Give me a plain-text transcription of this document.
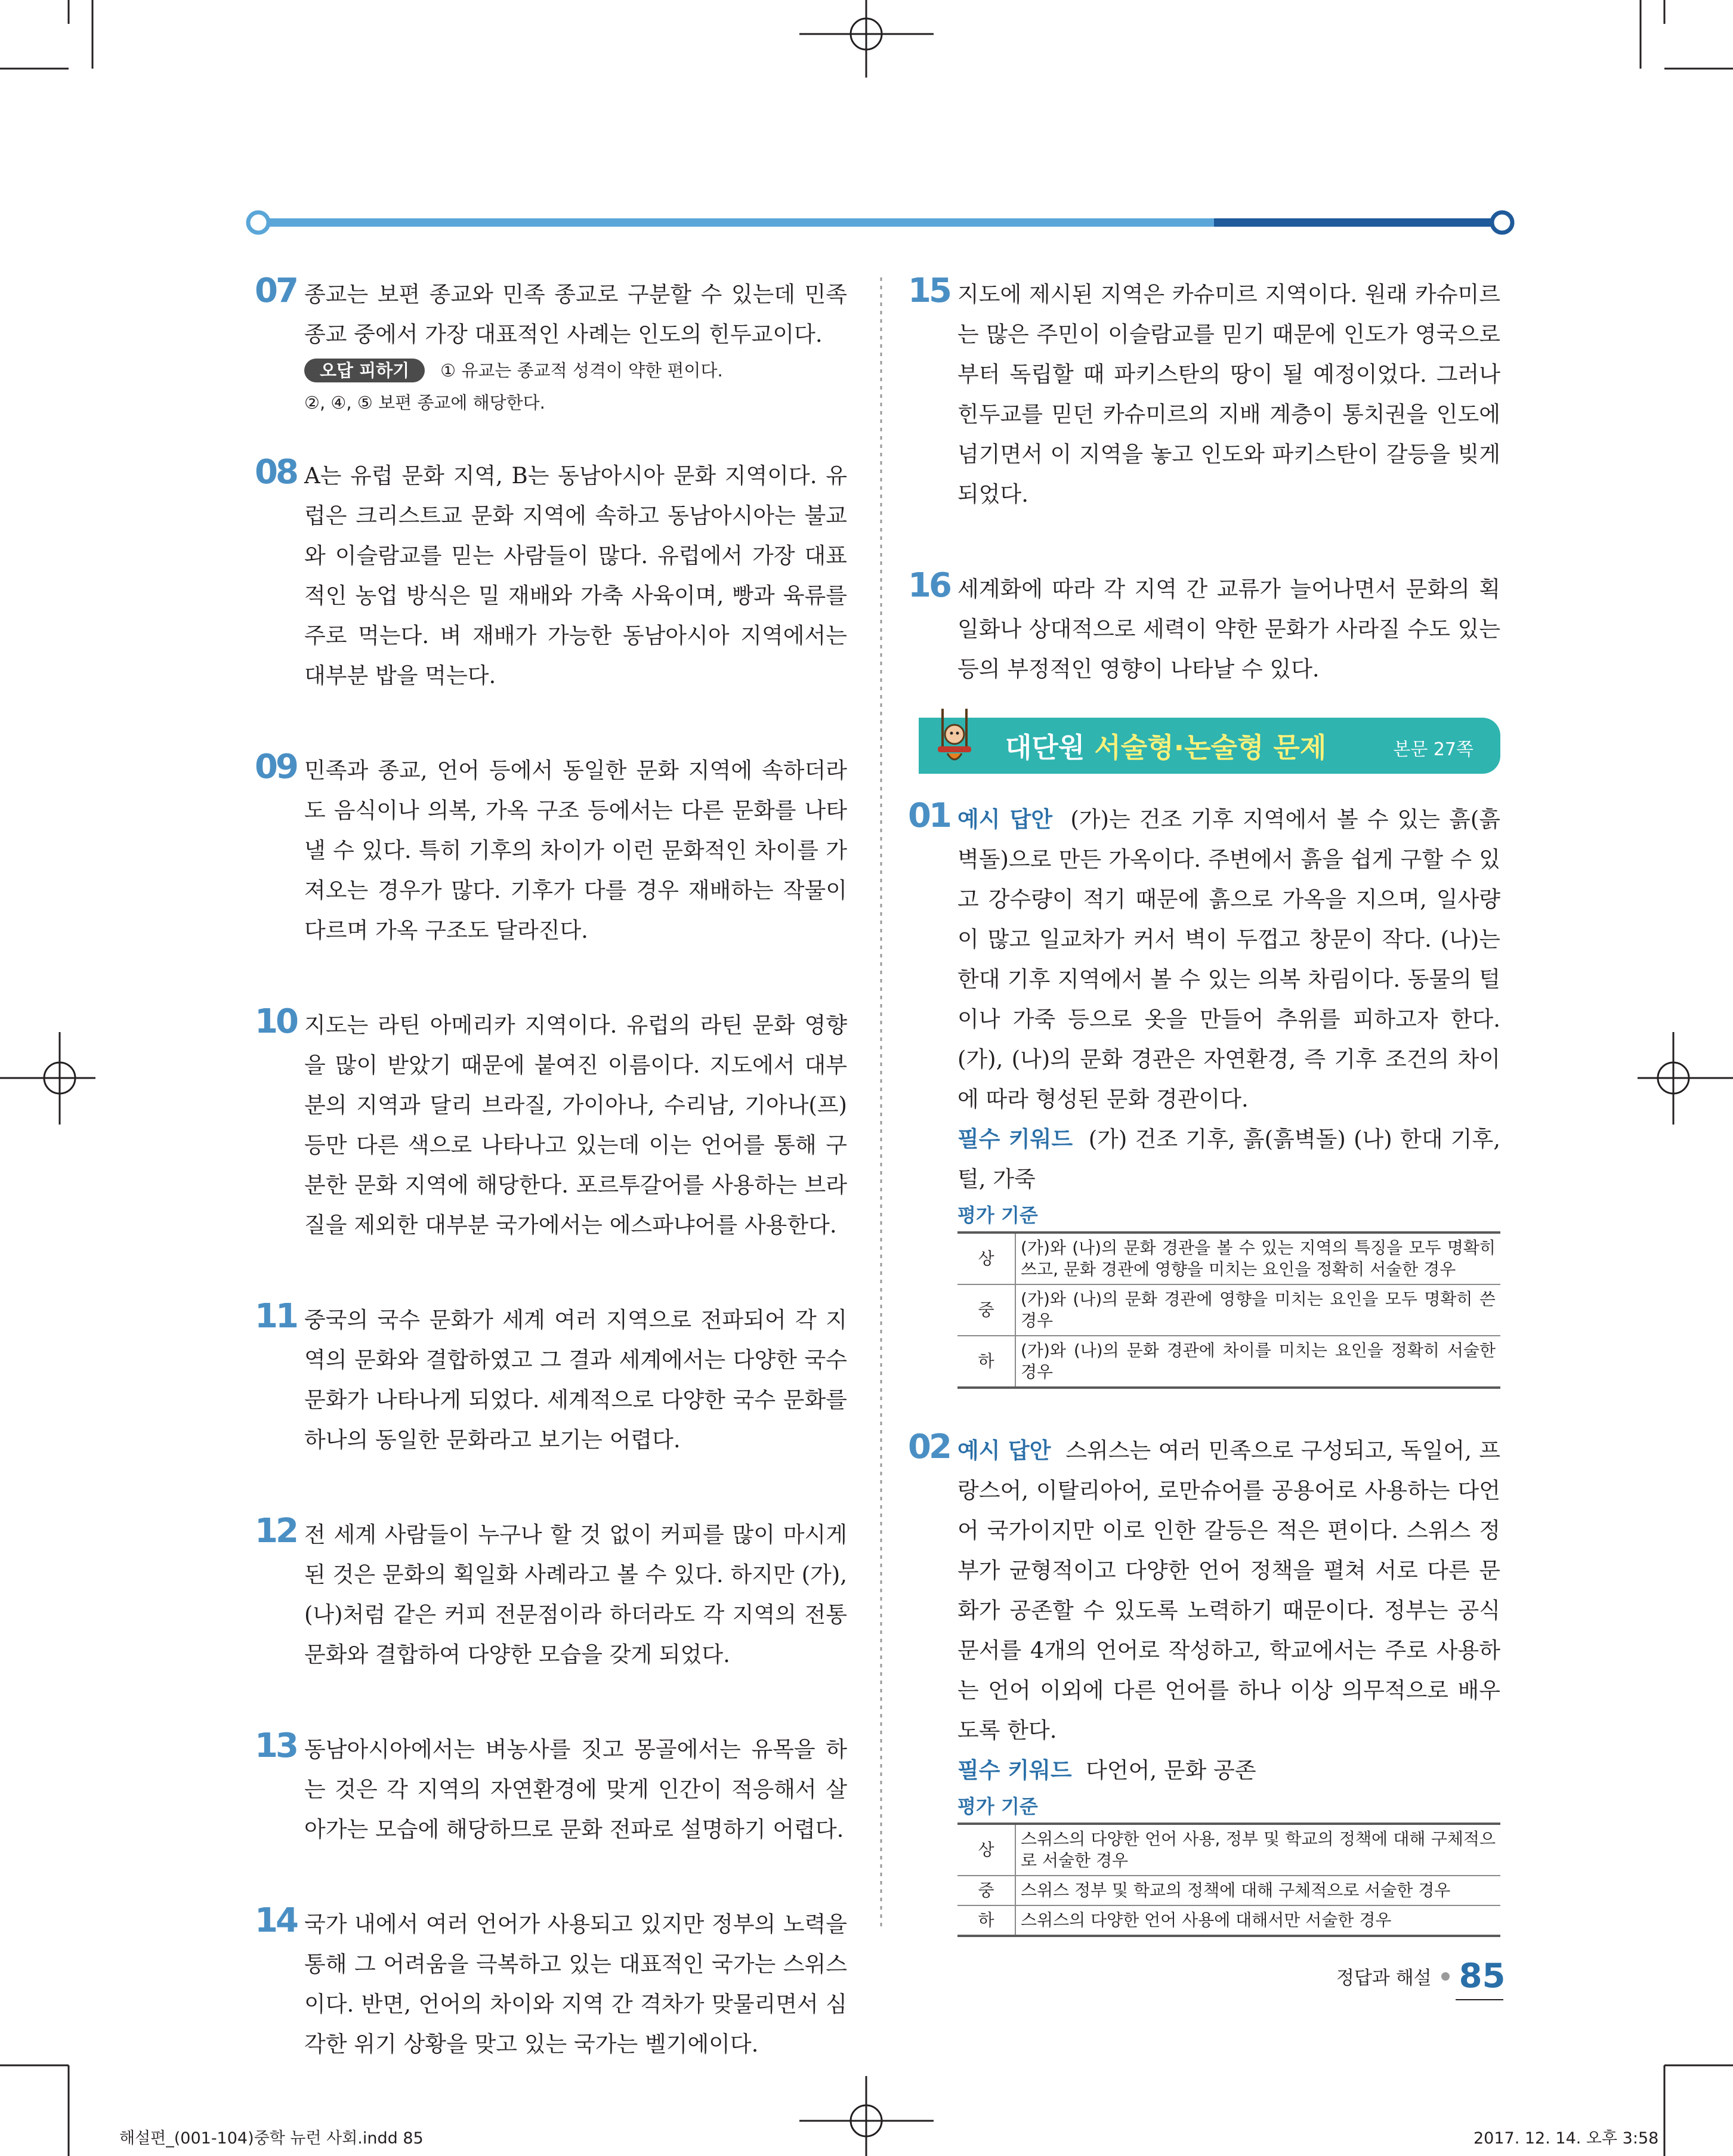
07 종교는 보편 종교와 민족 종교로 구분할 수 있는데 민족 종교 중에서 가장 대표적인 사례는 인도의 힌두교이다.
오답 피하기 ① 유교는 종교적 성격이 약한 편이다.
②, ④, ⑤ 보편 종교에 해당한다.
08 A는 유럽 문화 지역, B는 동남아시아 문화 지역이다. 유럽은 크리스트교 문화 지역에 속하고 동남아시아는 불교와 이슬람교를 믿는 사람들이 많다. 유럽에서 가장 대표적인 농업 방식은 밀 재배와 가축 사육이며, 빵과 육류를 주로 먹는다. 벼 재배가 가능한 동남아시아 지역에서는 대부분 밥을 먹는다.
09 민족과 종교, 언어 등에서 동일한 문화 지역에 속하더라도 음식이나 의복, 가옥 구조 등에서는 다른 문화를 나타낼 수 있다. 특히 기후의 차이가 이런 문화적인 차이를 가져오는 경우가 많다. 기후가 다를 경우 재배하는 작물이 다르며 가옥 구조도 달라진다.
10 지도는 라틴 아메리카 지역이다. 유럽의 라틴 문화 영향을 많이 받았기 때문에 붙여진 이름이다. 지도에서 대부분의 지역과 달리 브라질, 가이아나, 수리남, 기아나(프) 등만 다른 색으로 나타나고 있는데 이는 언어를 통해 구분한 문화 지역에 해당한다. 포르투갈어를 사용하는 브라질을 제외한 대부분 국가에서는 에스파냐어를 사용한다.
11 중국의 국수 문화가 세계 여러 지역으로 전파되어 각 지역의 문화와 결합하였고 그 결과 세계에서는 다양한 국수 문화가 나타나게 되었다. 세계적으로 다양한 국수 문화를 하나의 동일한 문화라고 보기는 어렵다.
12 전 세계 사람들이 누구나 할 것 없이 커피를 많이 마시게 된 것은 문화의 획일화 사례라고 볼 수 있다. 하지만 (가), (나)처럼 같은 커피 전문점이라 하더라도 각 지역의 전통문화와 결합하여 다양한 모습을 갖게 되었다.
13 동남아시아에서는 벼농사를 짓고 몽골에서는 유목을 하는 것은 각 지역의 자연환경에 맞게 인간이 적응해서 살아가는 모습에 해당하므로 문화 전파로 설명하기 어렵다.
14 국가 내에서 여러 언어가 사용되고 있지만 정부의 노력을 통해 그 어려움을 극복하고 있는 대표적인 국가는 스위스이다. 반면, 언어의 차이와 지역 간 격차가 맞물리면서 심각한 위기 상황을 맞고 있는 국가는 벨기에이다.
15 지도에 제시된 지역은 카슈미르 지역이다. 원래 카슈미르는 많은 주민이 이슬람교를 믿기 때문에 인도가 영국으로부터 독립할 때 파키스탄의 땅이 될 예정이었다. 그러나 힌두교를 믿던 카슈미르의 지배 계층이 통치권을 인도에 넘기면서 이 지역을 놓고 인도와 파키스탄이 갈등을 빚게 되었다.
16 세계화에 따라 각 지역 간 교류가 늘어나면서 문화의 획일화나 상대적으로 세력이 약한 문화가 사라질 수도 있는 등의 부정적인 영향이 나타날 수 있다.
대단원 서술형·논술형 문제	본문 27쪽
01 예시 답안 (가)는 건조 기후 지역에서 볼 수 있는 흙(흙벽돌)으로 만든 가옥이다. 주변에서 흙을 쉽게 구할 수 있고 강수량이 적기 때문에 흙으로 가옥을 지으며, 일사량이 많고 일교차가 커서 벽이 두껍고 창문이 작다. (나)는 한대 기후 지역에서 볼 수 있는 의복 차림이다. 동물의 털이나 가죽 등으로 옷을 만들어 추위를 피하고자 한다. (가), (나)의 문화 경관은 자연환경, 즉 기후 조건의 차이에 따라 형성된 문화 경관이다.
필수 키워드 (가) 건조 기후, 흙(흙벽돌) (나) 한대 기후, 털, 가죽
평가 기준
상	(가)와 (나)의 문화 경관을 볼 수 있는 지역의 특징을 모두 명확히 쓰고, 문화 경관에 영향을 미치는 요인을 정확히 서술한 경우
중	(가)와 (나)의 문화 경관에 영향을 미치는 요인을 모두 명확히 쓴 경우
하	(가)와 (나)의 문화 경관에 차이를 미치는 요인을 정확히 서술한 경우
02 예시 답안 스위스는 여러 민족으로 구성되고, 독일어, 프랑스어, 이탈리아어, 로만슈어를 공용어로 사용하는 다언어 국가이지만 이로 인한 갈등은 적은 편이다. 스위스 정부가 균형적이고 다양한 언어 정책을 펼쳐 서로 다른 문화가 공존할 수 있도록 노력하기 때문이다. 정부는 공식 문서를 4개의 언어로 작성하고, 학교에서는 주로 사용하는 언어 이외에 다른 언어를 하나 이상 의무적으로 배우도록 한다.
필수 키워드 다언어, 문화 공존
평가 기준
상	스위스의 다양한 언어 사용, 정부 및 학교의 정책에 대해 구체적으로 서술한 경우
중	스위스 정부 및 학교의 정책에 대해 구체적으로 서술한 경우
하	스위스의 다양한 언어 사용에 대해서만 서술한 경우
정답과 해설 85
해설편_(001-104)중학 뉴런 사회.indd 85	2017. 12. 14. 오후 3:58
